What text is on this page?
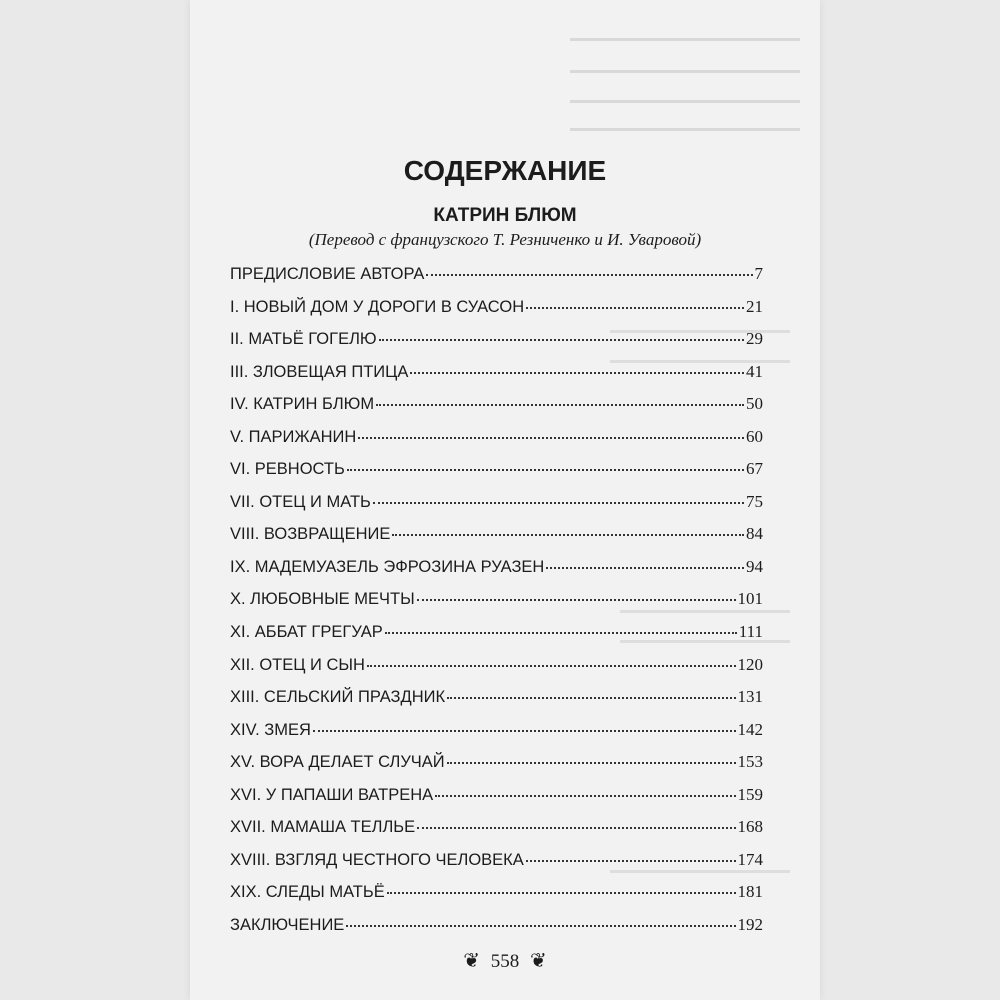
СОДЕРЖАНИЕ
КАТРИН БЛЮМ
(Перевод с французского Т. Резниченко и И. Уваровой)
ПРЕДИСЛОВИЕ АВТОРА	7
I. НОВЫЙ ДОМ У ДОРОГИ В СУАСОН	21
II. МАТЬЁ ГОГЕЛЮ	29
III. ЗЛОВЕЩАЯ ПТИЦА	41
IV. КАТРИН БЛЮМ	50
V. ПАРИЖАНИН	60
VI. РЕВНОСТЬ	67
VII. ОТЕЦ И МАТЬ	75
VIII. ВОЗВРАЩЕНИЕ	84
IX. МАДЕМУАЗЕЛЬ ЭФРОЗИНА РУАЗЕН	94
X. ЛЮБОВНЫЕ МЕЧТЫ	101
XI. АББАТ ГРЕГУАР	111
XII. ОТЕЦ И СЫН	120
XIII. СЕЛЬСКИЙ ПРАЗДНИК	131
XIV. ЗМЕЯ	142
XV. ВОРА ДЕЛАЕТ СЛУЧАЙ	153
XVI. У ПАПАШИ ВАТРЕНА	159
XVII. МАМАША ТЕЛЛЬЕ	168
XVIII. ВЗГЛЯД ЧЕСТНОГО ЧЕЛОВЕКА	174
XIX. СЛЕДЫ МАТЬЁ	181
ЗАКЛЮЧЕНИЕ	192
❦ 558 ❦
